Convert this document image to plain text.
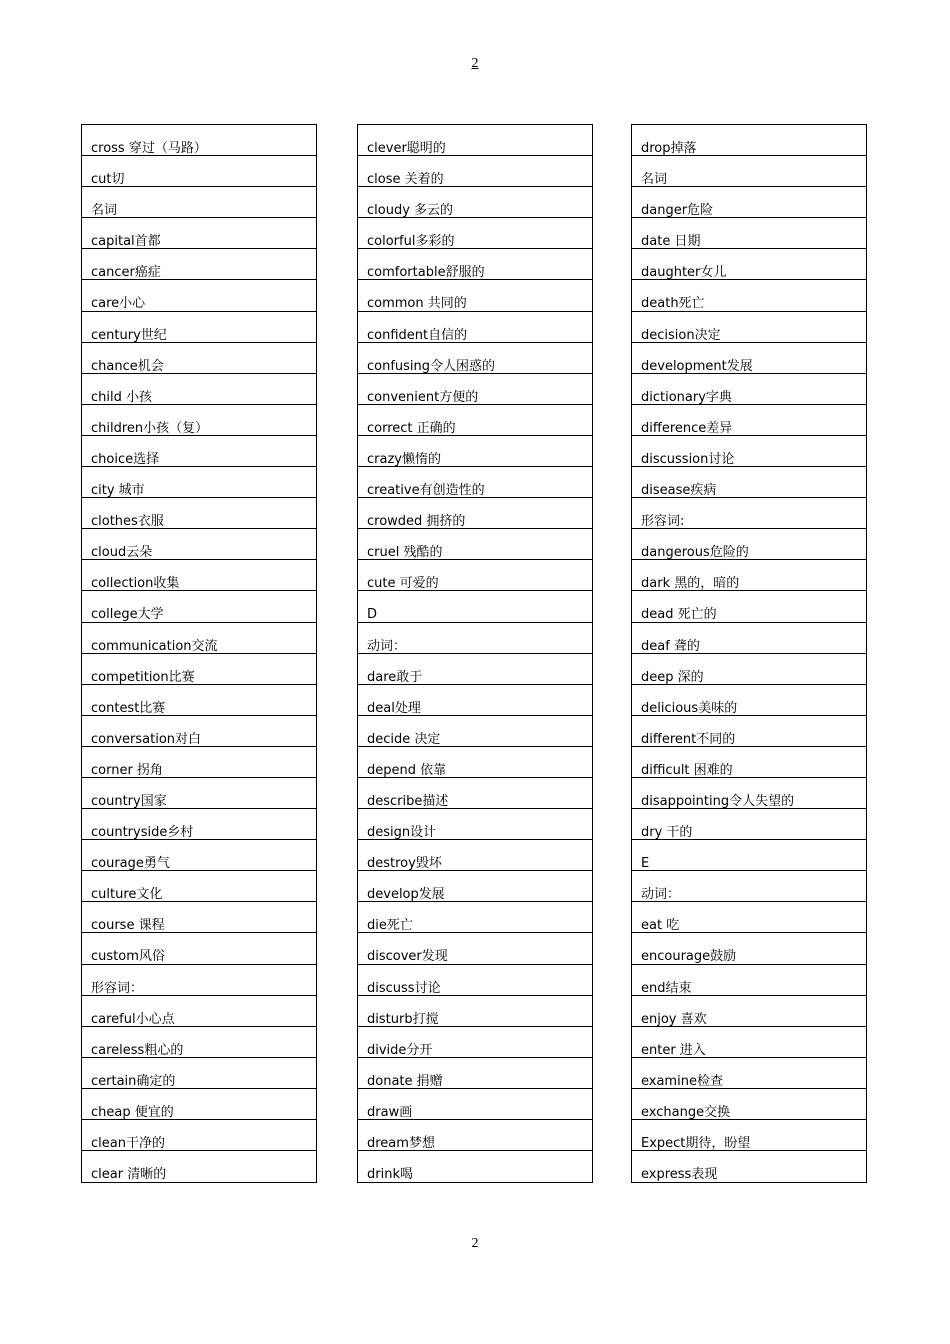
2
cross 穿过（马路）
cut切
名词
capital首都
cancer癌症
care小心
century世纪
chance机会
child 小孩
children小孩（复）
choice选择
city 城市
clothes衣服
cloud云朵
collection收集
college大学
communication交流
competition比赛
contest比赛
conversation对白
corner 拐角
country国家
countryside乡村
courage勇气
culture文化
course 课程
custom风俗
形容词：
careful小心点
careless粗心的
certain确定的
cheap 便宜的
clean干净的
clear 清晰的
clever聪明的
close 关着的
cloudy 多云的
colorful多彩的
comfortable舒服的
common 共同的
confident自信的
confusing令人困惑的
convenient方便的
correct 正确的
crazy懒惰的
creative有创造性的
crowded 拥挤的
cruel 残酷的
cute 可爱的
D
动词：
dare敢于
deal处理
decide 决定
depend 依靠
describe描述
design设计
destroy毁坏
develop发展
die死亡
discover发现
discuss讨论
disturb打搅
divide分开
donate 捐赠
draw画
dream梦想
drink喝
drop掉落
名词
danger危险
date 日期
daughter女儿
death死亡
decision决定
development发展
dictionary字典
difference差异
discussion讨论
disease疾病
形容词:
dangerous危险的
dark 黑的，暗的
dead 死亡的
deaf 聋的
deep 深的
delicious美味的
different不同的
difficult 困难的
disappointing令人失望的
dry 干的
E
动词：
eat 吃
encourage鼓励
end结束
enjoy 喜欢
enter 进入
examine检查
exchange交换
Expect期待，盼望
express表现
2
